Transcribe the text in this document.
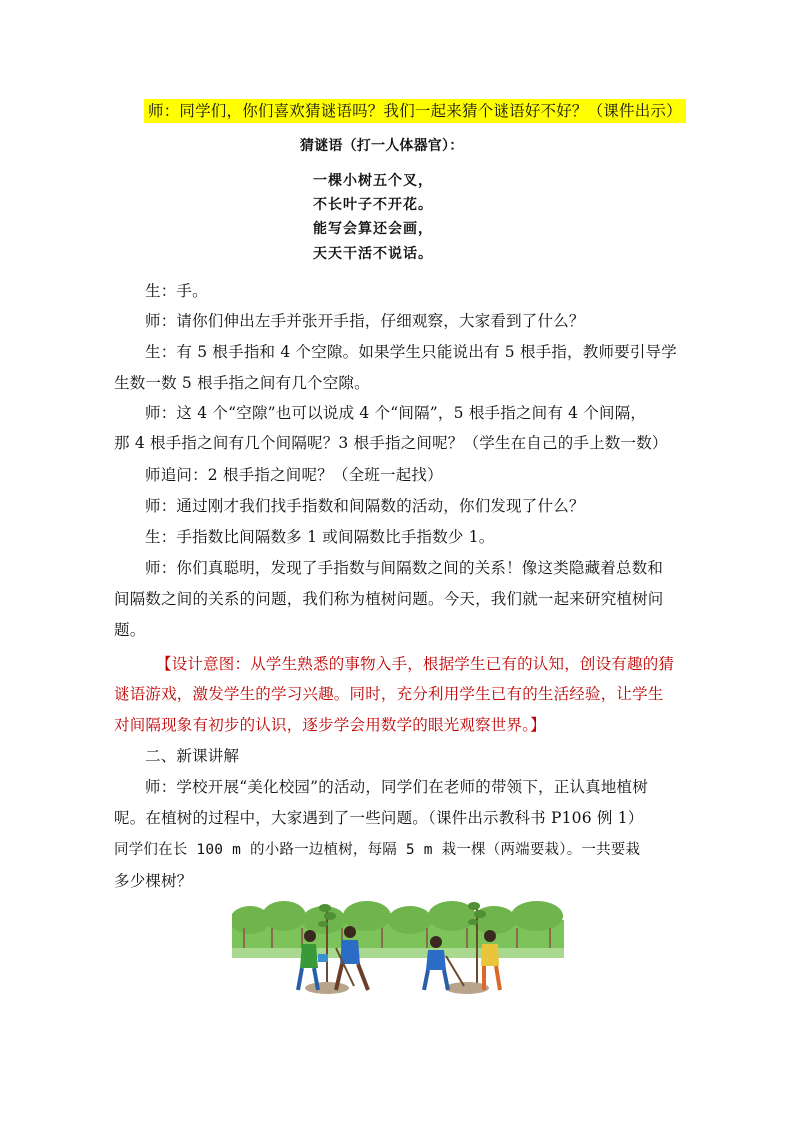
师：同学们，你们喜欢猜谜语吗？我们一起来猜个谜语好不好？（课件出示）
猜谜语（打一人体器官）：
一棵小树五个叉，
不长叶子不开花。
能写会算还会画，
天天干活不说话。
生：手。
师：请你们伸出左手并张开手指，仔细观察，大家看到了什么？
生：有 5 根手指和 4 个空隙。如果学生只能说出有 5 根手指，教师要引导学
生数一数 5 根手指之间有几个空隙。
师：这 4 个“空隙”也可以说成 4 个“间隔”，5 根手指之间有 4 个间隔，
那 4 根手指之间有几个间隔呢？3 根手指之间呢？（学生在自己的手上数一数）
师追问：2 根手指之间呢？（全班一起找）
师：通过刚才我们找手指数和间隔数的活动，你们发现了什么？
生：手指数比间隔数多 1 或间隔数比手指数少 1。
师：你们真聪明，发现了手指数与间隔数之间的关系！像这类隐藏着总数和
间隔数之间的关系的问题，我们称为植树问题。今天，我们就一起来研究植树问
题。
【设计意图：从学生熟悉的事物入手，根据学生已有的认知，创设有趣的猜
谜语游戏，激发学生的学习兴趣。同时，充分利用学生已有的生活经验，让学生
对间隔现象有初步的认识，逐步学会用数学的眼光观察世界。】
二、新课讲解
师：学校开展“美化校园”的活动，同学们在老师的带领下，正认真地植树
呢。在植树的过程中，大家遇到了一些问题。（课件出示教科书 P106 例 1）
同学们在长 100 m 的小路一边植树，每隔 5 m 栽一棵（两端要栽）。一共要栽
多少棵树？
